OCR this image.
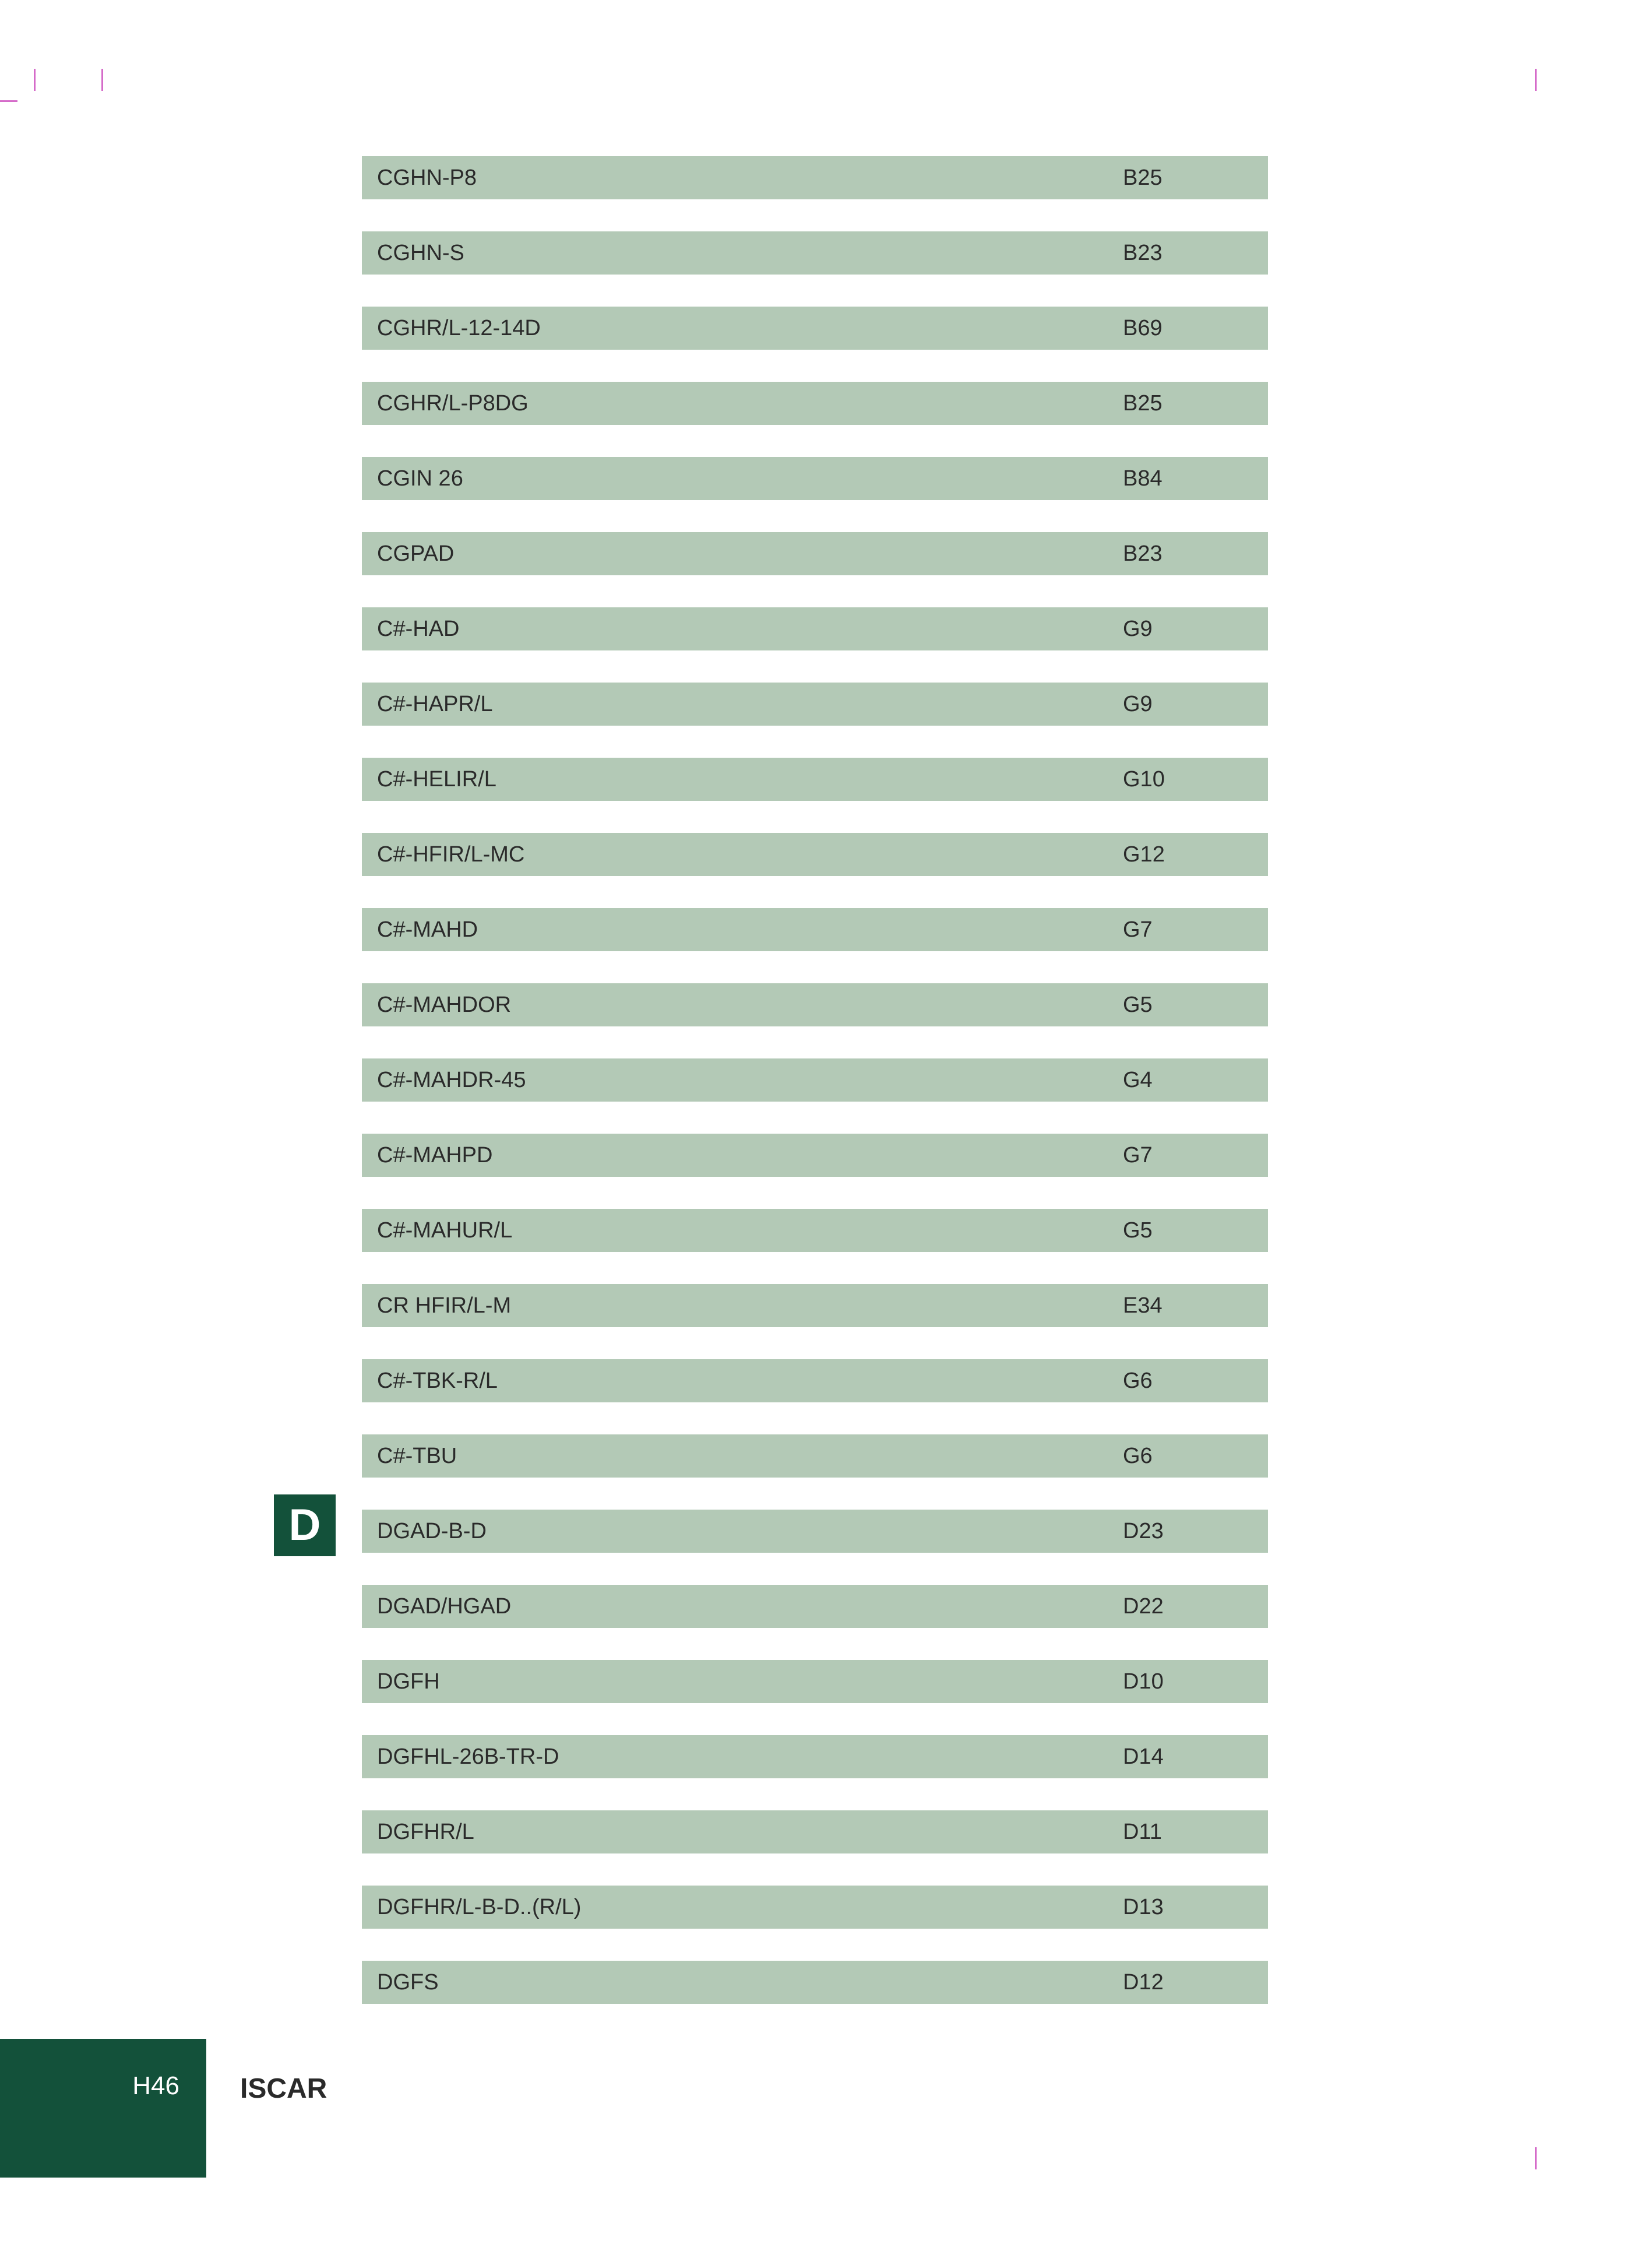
CGHN-P8	B25
CGHN-S	B23
CGHR/L-12-14D	B69
CGHR/L-P8DG	B25
CGIN 26	B84
CGPAD	B23
C#-HAD	G9
C#-HAPR/L	G9
C#-HELIR/L	G10
C#-HFIR/L-MC	G12
C#-MAHD	G7
C#-MAHDOR	G5
C#-MAHDR-45	G4
C#-MAHPD	G7
C#-MAHUR/L	G5
CR HFIR/L-M	E34
C#-TBK-R/L	G6
C#-TBU	G6
DGAD-B-D	D23
DGAD/HGAD	D22
DGFH	D10
DGFHL-26B-TR-D	D14
DGFHR/L	D11
DGFHR/L-B-D..(R/L)	D13
DGFS	D12
D
H46 ISCAR
